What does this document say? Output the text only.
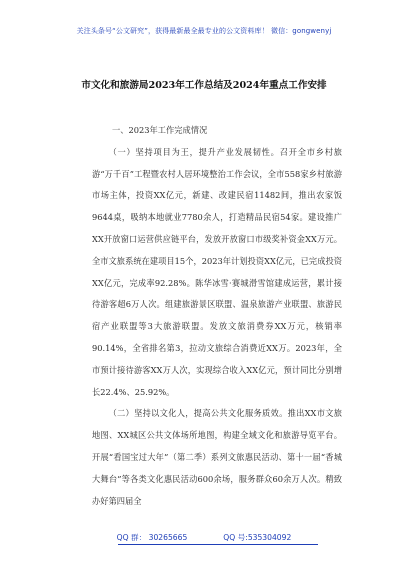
关注头条号“公文研究”，获得最新最全最专业的公文资料库！ 微信：gongwenyj
市文化和旅游局2023年工作总结及2024年重点工作安排

一、2023年工作完成情况

（一）坚持项目为王，提升产业发展韧性。召开全市乡村旅游“万千百”工程暨农村人居环境整治工作会议，全市558家乡村旅游市场主体，投资XX亿元，新建、改建民宿11482间，推出农家饭9644桌，吸纳本地就业7780余人，打造精品民宿54家。建设推广XX开放窗口运营供应链平台，发放开放窗口市级奖补资金XX万元。全市文旅系统在建项目15个，2023年计划投资XX亿元，已完成投资XX亿元，完成率92.28%。陈华冰雪·赛城滑雪馆建成运营，累计接待游客超6万人次。组建旅游景区联盟、温泉旅游产业联盟、旅游民宿产业联盟等3大旅游联盟。发放文旅消费券XX万元，核销率90.14%，全省排名第3，拉动文旅综合消费近XX万。2023年，全市预计接待游客XX万人次，实现综合收入XX亿元，预计同比分别增长22.4%、25.92%。

（二）坚持以文化人，提高公共文化服务质效。推出XX市文旅地图、XX城区公共文体场所地图，构建全域文化和旅游导览平台。开展“看国宝过大年”（第二季）系列文旅惠民活动、第十一届“香城大舞台”等各类文化惠民活动600余场，服务群众60余万人次。精致办好第四届全

QQ 群： 30265665	QQ 号:535304092
